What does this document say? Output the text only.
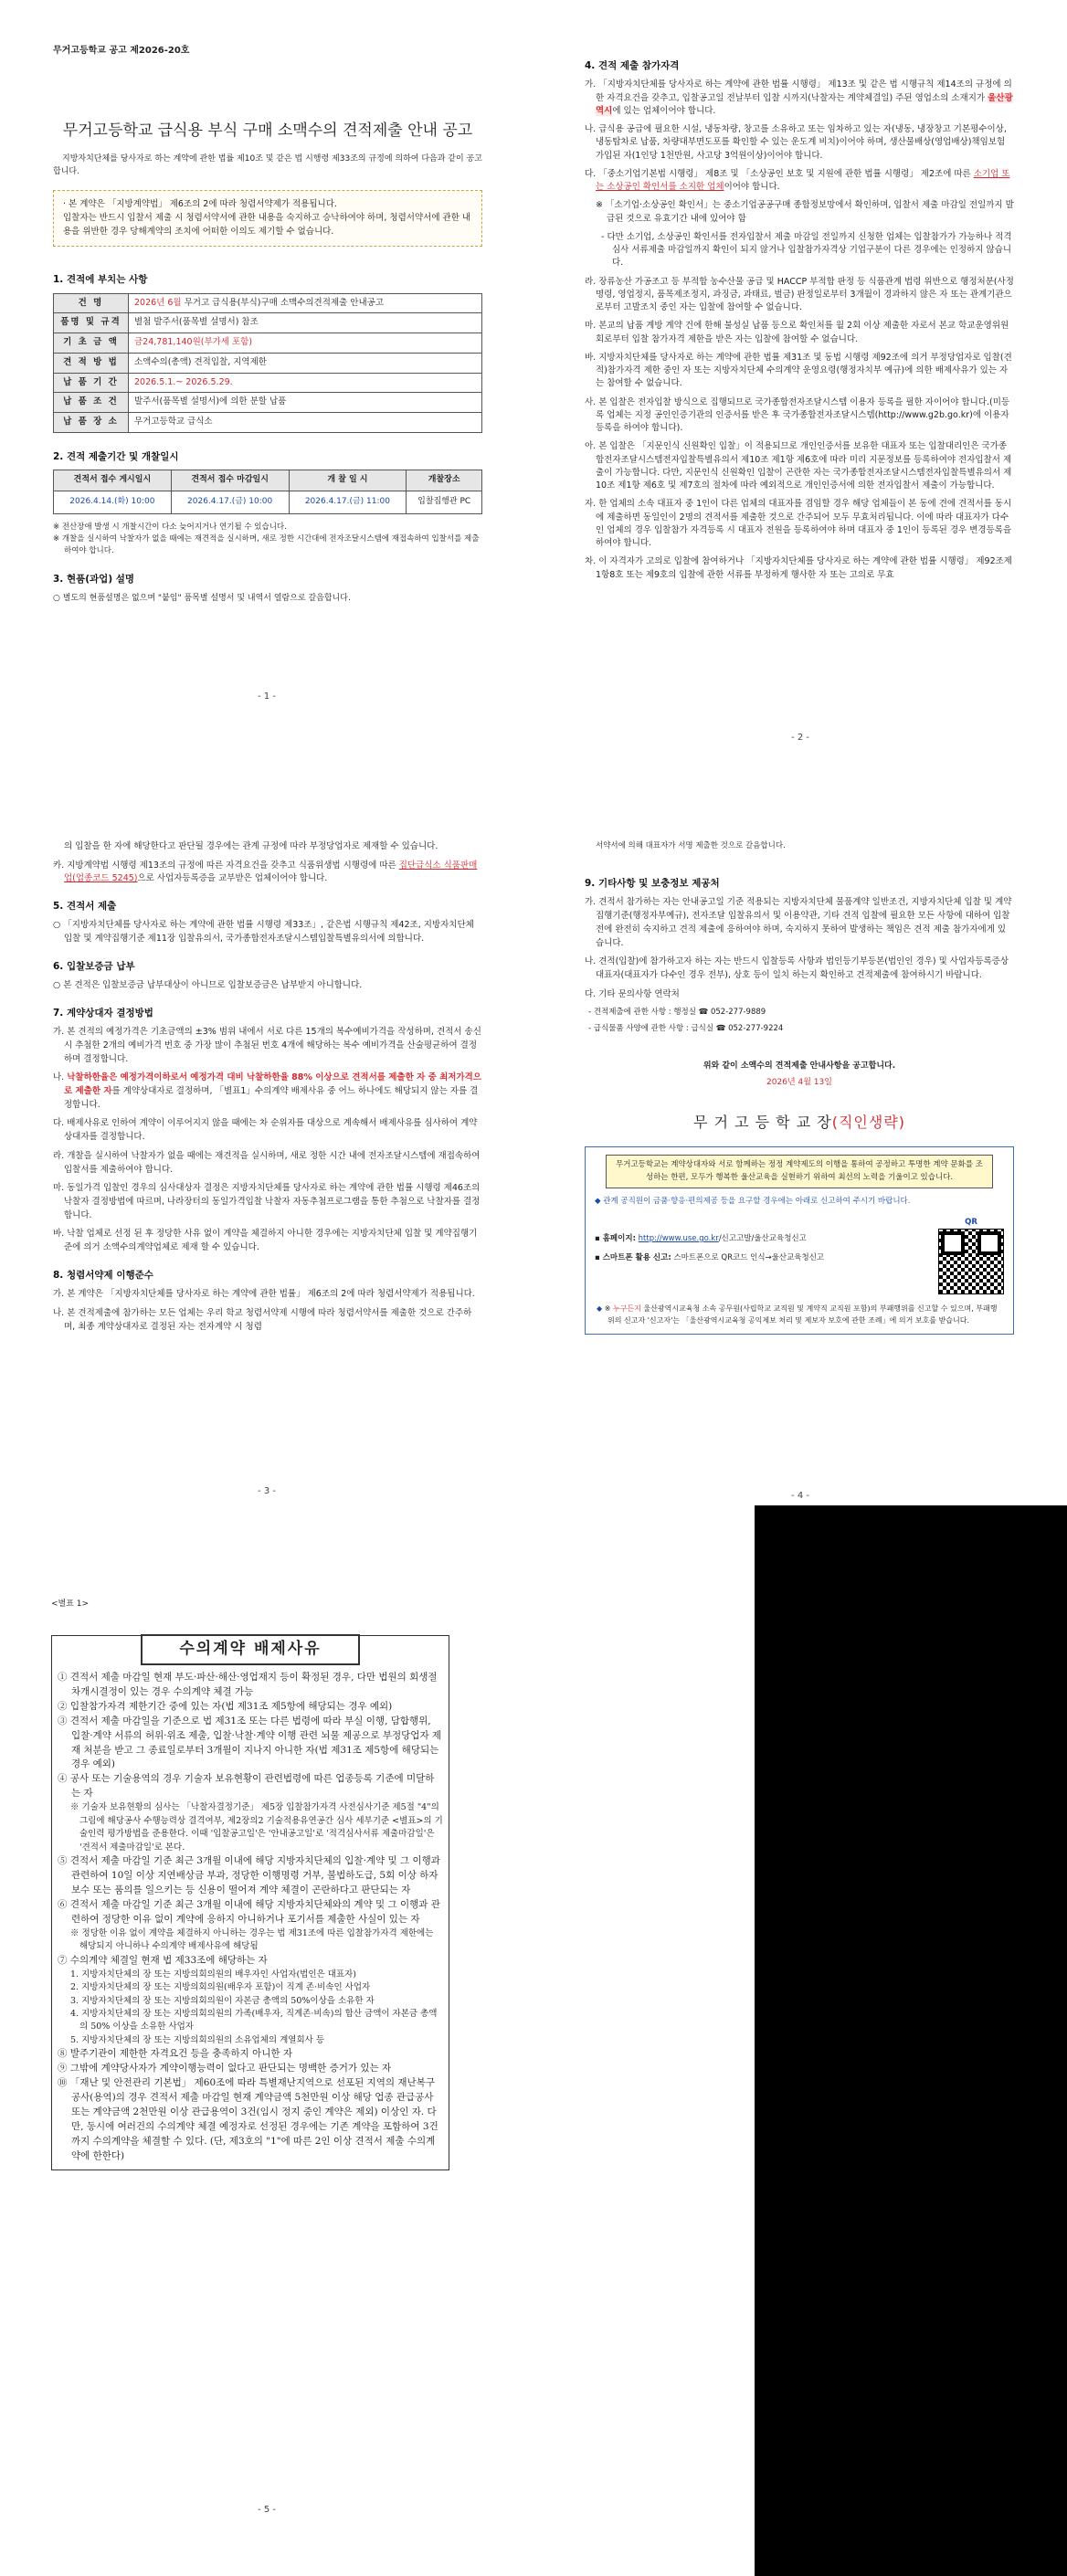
무거고등학교 공고 제2026-20호
무거고등학교 급식용 부식 구매 소맥수의 견적제출 안내 공고
지방자치단체를 당사자로 하는 계약에 관한 법률 제10조 및 같은 법 시행령 제33조의 규정에 의하여 다음과 같이 공고합니다.
· 본 계약은 「지방계약법」 제6조의 2에 따라 청렴서약제가 적용됩니다.
입찰자는 반드시 입찰서 제출 시 청렴서약서에 관한 내용을 숙지하고 승낙하여야 하며, 청렴서약서에 관한 내용을 위반한 경우 당해계약의 조치에 어떠한 이의도 제기할 수 없습니다.
1. 견적에 부치는 사항
건 명	2026년 6월 무거고 급식용(부식)구매 소맥수의견적제출 안내공고
품명 및 규격	별첨 발주서(품목별 설명서) 참조
기 초 금 액	금24,781,140원(부가세 포함)
견 적 방 법	소액수의(총액) 견적입찰, 지역제한
납 품 기 간	2026.5.1.~ 2026.5.29.
납 품 조 건	발주서(품목별 설명서)에 의한 분할 납품
납 품 장 소	무거고등학교 급식소
2. 견적 제출기간 및 개찰일시
견적서 접수 게시일시	견적서 접수 마감일시	개 찰 일 시	개찰장소
2026.4.14.(화) 10:00	2026.4.17.(금) 10:00	2026.4.17.(금) 11:00	입찰집행관 PC
※ 전산장애 발생 시 개찰시간이 다소 늦어지거나 연기될 수 있습니다.
※ 개찰을 실시하여 낙찰자가 없을 때에는 재견적을 실시하며, 새로 정한 시간대에 전자조달시스템에 재접속하여 입찰서를 제출하여야 합니다.
3. 현품(과업) 설명
○ 별도의 현품설명은 없으며 "붙임" 품목별 설명서 및 내역서 열람으로 갈음합니다.
- 1 -
4. 견적 제출 참가자격
가. 「지방자치단체를 당사자로 하는 계약에 관한 법률 시행령」 제13조 및 같은 법 시행규칙 제14조의 규정에 의한 자격요건을 갖추고, 입찰공고일 전날부터 입찰 시까지(낙찰자는 계약체결일) 주된 영업소의 소재지가 울산광역시에 있는 업체이어야 합니다.
나. 급식용 공급에 필요한 시설, 냉동차량, 창고를 소유하고 또는 임차하고 있는 자(냉동, 냉장창고 기본평수이상, 냉동탑차로 납품, 차량대부면도포를 확인할 수 있는 운도계 비치)이어야 하며, 생산물배상(영업배상)책임보험 가입된 자(1인당 1천만원, 사고당 3억원이상)이어야 합니다.
다. 「중소기업기본법 시행령」 제8조 및 「소상공인 보호 및 지원에 관한 법률 시행령」 제2조에 따른 소기업 또는 소상공인 확인서를 소지한 업체이어야 합니다.
※ 「소기업·소상공인 확인서」는 중소기업공공구매 종합정보망에서 확인하며, 입찰서 제출 마감일 전일까지 발급된 것으로 유효기간 내에 있어야 함
- 다만 소기업, 소상공인 확인서를 전자입찰서 제출 마감일 전일까지 신청한 업체는 입찰참가가 가능하나 적격심사 서류제출 마감일까지 확인이 되지 않거나 입찰참가자격상 기업구분이 다른 경우에는 인정하지 않습니다.
라. 장류농산 가공조고 등 부적합 농수산물 공급 및 HACCP 부적합 판정 등 식품관계 법령 위반으로 행정처분(사정명령, 영업정지, 품목제조정지, 과징금, 과태료, 벌금) 판정일로부터 3개월이 경과하지 않은 자 또는 관계기관으로부터 고발조치 중인 자는 입찰에 참여할 수 없습니다.
마. 본교의 납품 계방 계약 건에 한해 불성실 납품 등으로 확인처를 월 2회 이상 제출한 자로서 본교 학교운영위원회로부터 입찰 참가자격 제한을 받은 자는 입찰에 참여할 수 없습니다.
바. 지방자치단체를 당사자로 하는 계약에 관한 법률 제31조 및 동법 시행령 제92조에 의거 부정당업자로 입찰(견적)참가자격 제한 중인 자 또는 지방자치단체 수의계약 운영요령(행정자치부 예규)에 의한 배제사유가 있는 자는 참여할 수 없습니다.
사. 본 입찰은 전자입찰 방식으로 집행되므로 국가종합전자조달시스템 이용자 등록을 필한 자이어야 합니다.(미등록 업체는 지정 공인인증기관의 인증서를 받은 후 국가종합전자조달시스템(http://www.g2b.go.kr)에 이용자 등록을 하여야 합니다).
아. 본 입찰은 「지문인식 신원확인 입찰」이 적용되므로 개인인증서를 보유한 대표자 또는 입찰대리인은 국가종합전자조달시스템전자입찰특별유의서 제10조 제1항 제6호에 따라 미리 지문정보를 등록하여야 전자입찰서 제출이 가능합니다. 다만, 지문인식 신원확인 입찰이 곤란한 자는 국가종합전자조달시스템전자입찰특별유의서 제10조 제1항 제6호 및 제7호의 절차에 따라 예외적으로 개인인증서에 의한 전자입찰서 제출이 가능합니다.
자. 한 업체의 소속 대표자 중 1인이 다른 업체의 대표자를 겸임할 경우 해당 업체들이 본 동에 견에 견적서를 동시에 제출하면 동일인이 2명의 견적서를 제출한 것으로 간주되어 모두 무효처리됩니다. 이에 따라 대표자가 다수인 업체의 경우 입찰참가 자격등록 시 대표자 전원을 등록하여야 하며 대표자 중 1인이 등록된 경우 변경등록을 하여야 합니다.
차. 이 자격자가 고의로 입찰에 참여하거나 「지방자치단체를 당사자로 하는 계약에 관한 법률 시행령」 제92조제1항8호 또는 제9호의 입찰에 관한 서류를 부정하게 행사한 자 또는 고의로 무효
- 2 -
의 입찰을 한 자에 해당한다고 판단될 경우에는 관계 규정에 따라 부정당업자로 제재할 수 있습니다.
카. 지방계약법 시행령 제13조의 규정에 따른 자격요건을 갖추고 식품위생법 시행령에 따른 집단급식소 식품판매업(업종코드 5245)으로 사업자등록증을 교부받은 업체이어야 합니다.
5. 견적서 제출
○ 「지방자치단체를 당사자로 하는 계약에 관한 법률 시행령 제33조」, 같은법 시행규칙 제42조, 지방자치단체 입찰 및 계약집행기준 제11장 입찰유의서, 국가종합전자조달시스템입찰특별유의서에 의합니다.
6. 입찰보증금 납부
○ 본 견적은 입찰보증금 납부대상이 아니므로 입찰보증금은 납부받지 아니합니다.
7. 계약상대자 결정방법
가. 본 견적의 예정가격은 기초금액의 ±3% 범위 내에서 서로 다른 15개의 복수예비가격을 작성하며, 견적서 송신시 추첨한 2개의 예비가격 번호 중 가장 많이 추첨된 번호 4개에 해당하는 복수 예비가격을 산술평균하여 결정하며 결정합니다.
나. 낙찰하한율은 예정가격이하로서 예정가격 대비 낙찰하한율 88% 이상으로 견적서를 제출한 자 중 최저가격으로 제출한 자를 계약상대자로 결정하며, 「별표1」수의계약 배제사유 중 어느 하나에도 해당되지 않는 자를 결정합니다.
다. 배제사유로 인하여 계약이 이루어지지 않을 때에는 차 순위자를 대상으로 계속해서 배제사유를 심사하여 계약상대자를 결정합니다.
라. 개찰을 실시하여 낙찰자가 없을 때에는 재견적을 실시하며, 새로 정한 시간 내에 전자조달시스템에 재접속하여 입찰서를 제출하여야 합니다.
마. 동일가격 입찰인 경우의 심사대상자 결정은 지방자치단체를 당사자로 하는 계약에 관한 법률 시행령 제46조의 낙찰자 결정방법에 따르며, 나라장터의 동일가격입찰 낙찰자 자동추첨프로그램을 통한 추첨으로 낙찰자를 결정합니다.
바. 낙찰 업체로 선정 된 후 정당한 사유 없이 계약을 체결하지 아니한 경우에는 지방자치단체 입찰 및 계약집행기준에 의거 소액수의계약업체로 제재 할 수 있습니다.
8. 청렴서약제 이행준수
가. 본 계약은 「지방자치단체를 당사자로 하는 계약에 관한 법률」 제6조의 2에 따라 청렴서약제가 적용됩니다.
나. 본 견적제출에 참가하는 모든 업체는 우리 학교 청렴서약제 시행에 따라 청렴서약서를 제출한 것으로 간주하며, 최종 계약상대자로 결정된 자는 전자계약 시 청렴
- 3 -
서약서에 의해 대표자가 서명 제출한 것으로 갈음합니다.
9. 기타사항 및 보충정보 제공처
가. 견적서 참가하는 자는 안내공고일 기준 적용되는 지방자치단체 물품계약 일반조건, 지방자치단체 입찰 및 계약집행기준(행정자부예규), 전자조달 입찰유의서 및 이용약관, 기타 견적 입찰에 필요한 모든 사항에 대하여 입찰 전에 완전히 숙지하고 견적 제출에 응하여야 하며, 숙지하지 못하여 발생하는 책임은 견적 제출 참가자에게 있습니다.
나. 견적(입찰)에 참가하고자 하는 자는 반드시 입찰등록 사항과 법인등기부등본(법인인 경우) 및 사업자등록증상 대표자(대표자가 다수인 경우 전부), 상호 등이 일치 하는지 확인하고 견적제출에 참여하시기 바랍니다.
다. 기타 문의사항 연락처
- 견적제출에 관한 사항 : 행정실 ☎ 052-277-9889
- 급식물품 사양에 관한 사항 : 급식실 ☎ 052-277-9224
위와 같이 소액수의 견적제출 안내사항을 공고합니다.
2026년 4월 13일
무 거 고 등 학 교 장(직인생략)
무거고등학교는 계약상대자와 서로 함께하는 정정 계약제도의 이행을 통하여 공정하고 투명한 계약 문화를 조성하는 한편, 모두가 행복한 울산교육을 실현하기 위하여 최선의 노력을 기울이고 있습니다.
◆ 관계 공직원이 금품·향응·편의제공 등을 요구할 경우에는 아래로 신고하여 주시기 바랍니다.
▪ 홈페이지: http://www.use.go.kr/신고고발/울산교육청신고
▪ 스마트폰 활용 신고: 스마트폰으로 QR코드 인식→울산교육청신고
QR
◆ ※ 누구든지 울산광역시교육청 소속 공무원(사립학교 교직원 및 계약직 교직원 포함)의 부패행위를 신고할 수 있으며, 부패행위의 신고자 '신고자'는 「울산광역시교육청 공익제보 처리 및 제보자 보호에 관한 조례」에 의거 보호를 받습니다.
- 4 -
<별표 1>
수의계약 배제사유
① 견적서 제출 마감일 현재 부도·파산·해산·영업재지 등이 확정된 경우, 다만 법원의 회생절차개시결정이 있는 경우 수의계약 체결 가능
② 입찰참가자격 제한기간 중에 있는 자(법 제31조 제5항에 해당되는 경우 예외)
③ 견적서 제출 마감일을 기준으로 법 제31조 또는 다른 법령에 따라 부실 이행, 담합행위, 입찰·계약 서류의 허위·위조 제출, 입찰·낙찰·계약 이행 관련 뇌물 제공으로 부정당업자 제재 처분을 받고 그 종료일로부터 3개월이 지나지 아니한 자(법 제31조 제5항에 해당되는 경우 예외)
④ 공사 또는 기술용역의 경우 기술자 보유현황이 관련법령에 따른 업종등록 기준에 미달하는 자
※ 기술자 보유현황의 심사는 「낙찰자결정기준」 제5장 입찰참가자격 사전심사기준 제5절 "4"의 그림에 해당공사 수행능력상 결격여부, 제2장의2 기술적용유연공간 심사 세부기준 <별표>의 기술인력 평가방법을 준용한다. 이때 '입찰공고일'은 '안내공고일'로 '적격심사서류 제출마감일'은 '견적서 제출마감일'로 본다.
⑤ 견적서 제출 마감일 기준 최근 3개월 이내에 해당 지방자치단체의 입찰·계약 및 그 이행과 관련하여 10일 이상 지연배상금 부과, 정당한 이행명령 거부, 불법하도급, 5회 이상 하자보수 또는 품의를 일으키는 등 신용이 떨어져 계약 체결이 곤란하다고 판단되는 자
⑥ 견적서 제출 마감일 기준 최근 3개월 이내에 해당 지방자치단체와의 계약 및 그 이행과 관련하여 정당한 이유 없이 계약에 응하지 아니하거나 포기서를 제출한 사실이 있는 자
※ 정당한 이유 없이 계약을 체결하지 아니하는 경우는 법 제31조에 따른 입찰참가자격 제한에는 해당되지 아니하나 수의계약 배제사유에 해당됨
⑦ 수의계약 체결일 현재 법 제33조에 해당하는 자
1. 지방자치단체의 장 또는 지방의회의원의 배우자인 사업자(법인은 대표자)
2. 지방자치단체의 장 또는 지방의회의원(배우자 포함)이 직계 존·비속인 사업자
3. 지방자치단체의 장 또는 지방의회의원이 자본금 총액의 50%이상을 소유한 자
4. 지방자치단체의 장 또는 지방의회의원의 가족(배우자, 직계존·비속)의 합산 금액이 자본금 총액의 50% 이상을 소유한 사업자
5. 지방자치단체의 장 또는 지방의회의원의 소유업체의 계열회사 등
⑧ 발주기관이 제한한 자격요건 등을 충족하지 아니한 자
⑨ 그밖에 계약당사자가 계약이행능력이 없다고 판단되는 명백한 증거가 있는 자
⑩ 「재난 및 안전관리 기본법」 제60조에 따라 특별재난지역으로 선포된 지역의 재난복구공사(용역)의 경우 견적서 제출 마감일 현재 계약금액 5천만원 이상 해당 업종 관급공사 또는 계약금액 2천만원 이상 관급용역이 3건(임시 정지 중인 계약은 제외) 이상인 자. 다만, 동시에 여러건의 수의계약 체결 예정자로 선정된 경우에는 기존 계약을 포함하여 3건까지 수의계약을 체결할 수 있다. (단, 제3호의 "1"에 따른 2인 이상 견적서 제출 수의계약에 한한다)
- 5 -
